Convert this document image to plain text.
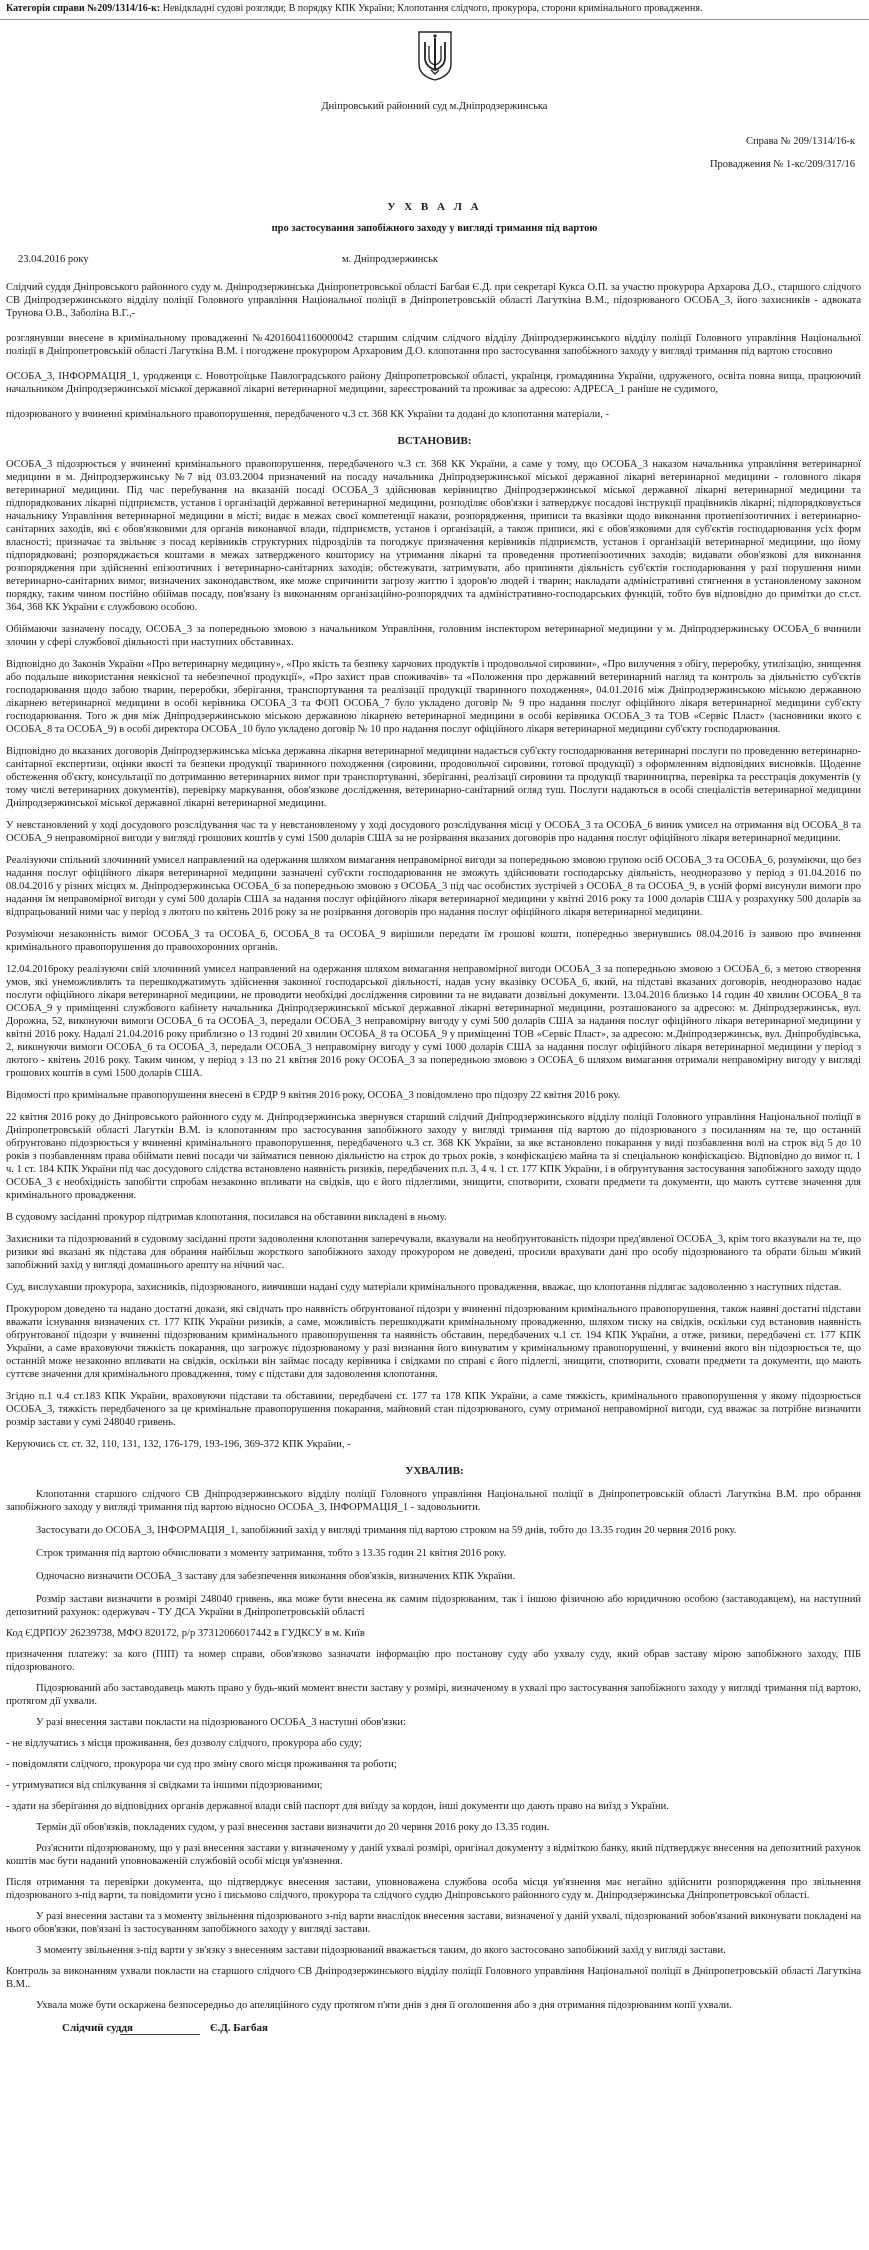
Категорія справи №209/1314/16-к: Невідкладні судові розгляди; В порядку КПК України; Клопотання слідчого, прокурора, сторони кримінального провадження.
Дніпровський районний суд м.Дніпродзержинська
Справа № 209/1314/16-к
Провадження № 1-кс/209/317/16
У Х В А Л А
про застосування запобіжного заходу у вигляді тримання під вартою
23.04.2016 року	м. Дніпродзержинськ

Слідчий суддя Дніпровського районного суду м. Дніпродзержинська Дніпропетровської області Багбая Є.Д. при секретарі Кукса О.П. за участю прокурора Архарова Д.О., старшого слідчого СВ Дніпродзержинського відділу поліції Головного управління Національної поліції в Дніпропетровській області Лагуткіна В.М., підозрюваного ОСОБА_3, його захисників - адвоката Трунова О.В., Заболіна В.Г.,-

розглянувши внесене в кримінальному провадженні №42016041160000042 старшим слідчим слідчого відділу Дніпродзержинського відділу поліції Головного управління Національної поліції в Дніпропетровській області Лагуткіна В.М. і погоджене прокурором Архаровим Д.О. клопотання про застосування запобіжного заходу у вигляді тримання під вартою стосовно

ОСОБА_3, ІНФОРМАЦІЯ_1, уродженця с. Новотроїцьке Павлоградського району Дніпропетровської області, українця, громадянина України, одруженого, освіта повна вища, працюючий начальником Дніпродзержинської міської державної лікарні ветеринарної медицини, зареєстрований та проживає за адресою: АДРЕСА_1 раніше не судимого,

підозрюваного у вчиненні кримінального правопорушення, передбаченого ч.3 ст. 368 КК України та додані до клопотання матеріали, -

ВСТАНОВИВ:

ОСОБА_3 підозрюється у вчиненні кримінального правопорушення, передбаченого ч.3 ст. 368 КК України, а саме у тому, що ОСОБА_3 наказом начальника управління ветеринарної медицини в м. Дніпродзержинську №7 від 03.03.2004 призначений на посаду начальника Дніпродзержинської міської державної лікарні ветеринарної медицини - головного лікаря ветеринарної медицини. Під час перебування на вказаній посаді ОСОБА_3 здійснював керівництво Дніпродзержинської міської державної лікарні ветеринарної медицини та підпорядкованих лікарні підприємств, установ і організацій державної ветеринарної медицини, розподіляє обов'язки і затверджує посадові інструкції працівників лікарні; підпорядковується начальнику Управління ветеринарної медицини в місті; видає в межах своєї компетенції накази, розпорядження, приписи та вказівки щодо виконання протиепізоотичних і ветеринарно-санітарних заходів, які є обов'язковими для органів виконавчої влади, підприємств, установ і організацій, а також приписи, які є обов'язковими для суб'єктів господарювання усіх форм власності; призначає та звільняє з посад керівників структурних підрозділів та погоджує призначення керівників підприємств, установ і організацій ветеринарної медицини, що йому підпорядковані; розпоряджається коштами в межах затвердженого кошторису на утримання лікарні та проведення протиепізоотичних заходів; видавати обов'язкові для виконання розпорядження при здійсненні епізоотичних і ветеринарно-санітарних заходів; обстежувати, затримувати, або припиняти діяльність суб'єктів господарювання у разі порушення ними ветеринарно-санітарних вимог, визначених законодавством, яке може спричинити загрозу життю і здоров'ю людей і тварин; накладати адміністративні стягнення в установленому законом порядку, таким чином постійно обіймав посаду, пов'язану із виконанням організаційно-розпорядчих та адміністративно-господарських функцій, тобто був відповідно до примітки до ст.ст. 364, 368 КК України є службовою особою.

Обіймаючи зазначену посаду, ОСОБА_3 за попередньою змовою з начальником Управління, головним інспектором ветеринарної медицини у м. Дніпродзержинську ОСОБА_6 вчинили злочин у сфері службової діяльності при наступних обставинах.

Відповідно до Законів України «Про ветеринарну медицину», «Про якість та безпеку харчових продуктів і продовольчої сировини», «Про вилучення з обігу, переробку, утилізацію, знищення або подальше використання неякісної та небезпечної продукції», «Про захист прав споживачів» та «Положення про державний ветеринарний нагляд та контроль за діяльністю суб'єктів господарювання щодо забою тварин, переробки, зберігання, транспортування та реалізації продукції тваринного походження», 04.01.2016 між Дніпродзержинською міською державною лікарнею ветеринарної медицини в особі керівника ОСОБА_3 та ФОП ОСОБА_7 було укладено договір № 9 про надання послуг офіційного лікаря ветеринарної медицини суб'єкту господарювання. Того ж дня між Дніпродзержинською міською державною лікарнею ветеринарної медицини в особі керівника ОСОБА_3 та ТОВ «Сервіс Пласт» (засновники якого є ОСОБА_8 та ОСОБА_9) в особі директора ОСОБА_10 було укладено договір № 10 про надання послуг офіційного лікаря ветеринарної медицини суб'єкту господарювання.

Відповідно до вказаних договорів Дніпродзержинська міська державна лікарня ветеринарної медицини надається суб'єкту господарювання ветеринарні послуги по проведенню ветеринарно-санітарної експертизи, оцінки якості та безпеки продукції тваринного походження (сировини, продовольчої сировини, готової продукції) з оформленням відповідних висновків. Щоденне обстеження об'єкту, консультації по дотриманню ветеринарних вимог при транспортуванні, зберіганні, реалізації сировини та продукції тваринництва, перевірка та реєстрація документів (у тому числі ветеринарних документів), перевірку маркування, обов'язкове дослідження, ветеринарно-санітарний огляд туш. Послуги надаються в особі спеціалістів ветеринарної медицини Дніпродзержинської міської державної лікарні ветеринарної медицини.

У невстановлений у ході досудового розслідування час та у невстановленому у ході досудового розслідування місці у ОСОБА_3 та ОСОБА_6 виник умисел на отримання від ОСОБА_8 та ОСОБА_9 неправомірної вигоди у вигляді грошових коштів у сумі 1500 доларів США за не розірвання вказаних договорів про надання послуг офіційного лікаря ветеринарної медицини.

Реалізуючи спільний злочинний умисел направлений на одержання шляхом вимагання неправомірної вигоди за попередньою змовою групою осіб ОСОБА_3 та ОСОБА_6, розуміючи, що без надання послуг офіційного лікаря ветеринарної медицини зазначені суб'єкти господарювання не зможуть здійснювати господарську діяльність, неодноразово у період з 01.04.2016 по 08.04.2016 у різних місцях м. Дніпродзержинська ОСОБА_6 за попередньою змовою з ОСОБА_3 під час особистих зустрічей з ОСОБА_8 та ОСОБА_9, в усній формі висунули вимоги про надання їм неправомірної вигоди у сумі 500 доларів США за надання послуг офіційного лікаря ветеринарної медицини у квітні 2016 року та 1000 доларів США у розрахунку 500 доларів за відпрацьований ними час у період з лютого по квітень 2016 року за не розірвання договорів про надання послуг офіційного лікаря ветеринарної медицини.

Розуміючи незаконність вимог ОСОБА_3 та ОСОБА_6, ОСОБА_8 та ОСОБА_9 вирішили передати їм грошові кошти, попередньо звернувшись 08.04.2016 із заявою про вчинення кримінального правопорушення до правоохоронних органів.

12.04.2016року реалізуючи свій злочинний умисел направлений на одержання шляхом вимагання неправомірної вигоди ОСОБА_3 за попередньою змовою з ОСОБА_6, з метою створення умов, які унеможливлять та перешкоджатимуть здійснення законної господарської діяльності, надав усну вказівку ОСОБА_6, який, на підставі вказаних договорів, неодноразово надає послуги офіційного лікаря ветеринарної медицини, не проводити необхідні дослідження сировини та не видавати дозвільні документи. 13.04.2016 близько 14 годин 40 хвилин ОСОБА_8 та ОСОБА_9 у приміщенні службового кабінету начальника Дніпродзержинської міської державної лікарні ветеринарної медицини, розташованого за адресою: м. Дніпродзержинськ, вул. Дорожна, 52, виконуючи вимоги ОСОБА_6 та ОСОБА_3, передали ОСОБА_3 неправомірну вигоду у сумі 500 доларів США за надання послуг офіційного лікаря ветеринарної медицини у квітні 2016 року. Надалі 21.04.2016 року приблизно о 13 годині 20 хвилин ОСОБА_8 та ОСОБА_9 у приміщенні ТОВ «Сервіс Пласт», за адресою: м.Дніпродзержинськ, вул. Дніпробудівська, 2, виконуючи вимоги ОСОБА_6 та ОСОБА_3, передали ОСОБА_3 неправомірну вигоду у сумі 1000 доларів США за надання послуг офіційного лікаря ветеринарної медицини у період з лютого - квітень 2016 року. Таким чином, у період з 13 по 21 квітня 2016 року ОСОБА_3 за попередньою змовою з ОСОБА_6 шляхом вимагання отримали неправомірну вигоду у вигляді грошових коштів в сумі 1500 доларів США.

Відомості про кримінальне правопорушення внесені в ЄРДР 9 квітня 2016 року, ОСОБА_3 повідомлено про підозру 22 квітня 2016 року.

22 квітня 2016 року до Дніпровського районного суду м. Дніпродзержинська звернувся старший слідчий Дніпродзержинського відділу поліції Головного управління Національної поліції в Дніпропетровській області Лагуткін В.М. із клопотанням про застосування запобіжного заходу у вигляді тримання під вартою до підозрюваного з посиланням на те, що останній обґрунтовано підозрюється у вчиненні кримінального правопорушення, передбаченого ч.3 ст. 368 КК України, за яке встановлено покарання у виді позбавлення волі на строк від 5 до 10 років з позбавленням права обіймати певні посади чи займатися певною діяльністю на строк до трьох років, з конфіскацією майна та зі спеціальною конфіскацією. Відповідно до вимог п. 1 ч. 1 ст. 184 КПК України під час досудового слідства встановлено наявність ризиків, передбачених п.п. 3, 4 ч. 1 ст. 177 КПК України, і в обґрунтування застосування запобіжного заходу щодо ОСОБА_3 є необхідність запобігти спробам незаконно впливати на свідків, що є його підлеглими, знищити, спотворити, сховати предмети та документи, що мають суттєве значення для кримінального провадження.

В судовому засіданні прокурор підтримав клопотання, посилався на обставини викладені в ньому.

Захисники та підозрюваний в судовому засіданні проти задоволення клопотання заперечували, вказували на необґрунтованість підозри пред'явленої ОСОБА_3, крім того вказували на те, що ризики які вказані як підстава для обрання найбільш жорсткого запобіжного заходу прокурором не доведені, просили врахувати дані про особу підозрюваного та обрати більш м'який запобіжний захід у вигляді домашнього арешту на нічний час.

Суд, вислухавши прокурора, захисників, підозрюваного, вивчивши надані суду матеріали кримінального провадження, вважає, що клопотання підлягає задоволенню з наступних підстав.

Прокурором доведено та надано достатні докази, які свідчать про наявність обґрунтованої підозри у вчиненні підозрюваним кримінального правопорушення, також наявні достатні підстави вважати існування визначених ст. 177 КПК України ризиків, а саме, можливість перешкоджати кримінальному провадженню, шляхом тиску на свідків, оскільки суд встановив наявність обґрунтованої підозри у вчиненні підозрюваним кримінального правопорушення та наявність обставин, передбачених ч.1 ст. 194 КПК України, а отже, ризики, передбачені ст. 177 КПК України, а саме враховуючи тяжкість покарання, що загрожує підозрюваному у разі визнання його винуватим у кримінальному правопорушенні, у вчиненні якого він підозрюється те, що останній може незаконно впливати на свідків, оскільки він займає посаду керівника і свідками по справі є його підлеглі, знищити, спотворити, сховати предмети та документи, що мають суттєве значення для кримінального провадження, тому є підстави для задоволення клопотання.

Згідно п.1 ч.4 ст.183 КПК України, враховуючи підстави та обставини, передбачені ст. 177 та 178 КПК України, а саме тяжкість, кримінального правопорушення у якому підозрюється ОСОБА_3, тяжкість передбаченого за це кримінальне правопорушення покарання, майновий стан підозрюваного, суму отриманої неправомірної вигоди, суд вважає за потрібне визначити розмір застави у сумі 248040 гривень.

Керуючись ст. ст. 32, 110, 131, 132, 176-179, 193-196, 369-372 КПК України, -

УХВАЛИВ:

Клопотання старшого слідчого СВ Дніпродзержинського відділу поліції Головного управління Національної поліції в Дніпропетровській області Лагуткіна В.М. про обрання запобіжного заходу у вигляді тримання під вартою відносно ОСОБА_3, ІНФОРМАЦІЯ_1 - задовольнити.

Застосувати до ОСОБА_3, ІНФОРМАЦІЯ_1, запобіжний захід у вигляді тримання під вартою строком на 59 днів, тобто до 13.35 годин 20 червня 2016 року.

Строк тримання під вартою обчислювати з моменту затримання, тобто з 13.35 годин 21 квітня 2016 року.

Одночасно визначити ОСОБА_3 заставу для забезпечення виконання обов'язків, визначених КПК України.

Розмір застави визначити в розмірі 248040 гривень, яка може бути внесена як самим підозрюваним, так і іншою фізичною або юридичною особою (заставодавцем), на наступний депозитний рахунок: одержувач - ТУ ДСА України в Дніпропетровській області

Код ЄДРПОУ 26239738, МФО 820172, р/р 37312066017442 в ГУДКСУ в м. Київ

призначення платежу: за кого (ПІП) та номер справи, обов'язково зазначати інформацію про постанову суду або ухвалу суду, який обрав заставу мірою запобіжного заходу, ПІБ підозрюваного.

Підозрюваний або заставодавець мають право у будь-який момент внести заставу у розмірі, визначеному в ухвалі про застосування запобіжного заходу у вигляді тримання під вартою, протягом дії ухвали.

У разі внесення застави покласти на підозрюваного ОСОБА_3 наступні обов'язки:

- не відлучатись з місця проживання, без дозволу слідчого, прокурора або суду;

- повідомляти слідчого, прокурора чи суд про зміну свого місця проживання та роботи;

- утримуватися від спілкування зі свідками та іншими підозрюваними;

- здати на зберігання до відповідних органів державної влади свій паспорт для виїзду за кордон, інші документи що дають право на виїзд з України.

Термін дії обов'язків, покладених судом, у разі внесення застави визначити до 20 червня 2016 року до 13.35 годин.

Роз'яснити підозрюваному, що у разі внесення застави у визначеному у даній ухвалі розмірі, оригінал документу з відміткою банку, який підтверджує внесення на депозитний рахунок коштів має бути наданий уповноваженій службовій особі місця ув'язнення.

Після отримання та перевірки документа, що підтверджує внесення застави, уповноважена службова особа місця ув'язнення має негайно здійснити розпорядження про звільнення підозрюваного з-під варти, та повідомити усно і письмово слідчого, прокурора та слідчого суддю Дніпровського районного суду м. Дніпродзержинська Дніпропетровської області.

У разі внесення застави та з моменту звільнення підозрюваного з-під варти внаслідок внесення застави, визначеної у даній ухвалі, підозрюваний зобов'язаний виконувати покладені на нього обов'язки, пов'язані із застосуванням запобіжного заходу у вигляді застави.

З моменту звільнення з-під варти у зв'язку з внесенням застави підозрюваний вважається таким, до якого застосовано запобіжний захід у вигляді застави.

Контроль за виконанням ухвали покласти на старшого слідчого СВ Дніпродзержинського відділу поліції Головного управління Національної поліції в Дніпропетровській області Лагуткіна В.М..

Ухвала може бути оскаржена безпосередньо до апеляційного суду протягом п'яти днів з дня її оголошення або з дня отримання підозрюваним копії ухвали.

Слідчий суддя	Є.Д. Багбая
